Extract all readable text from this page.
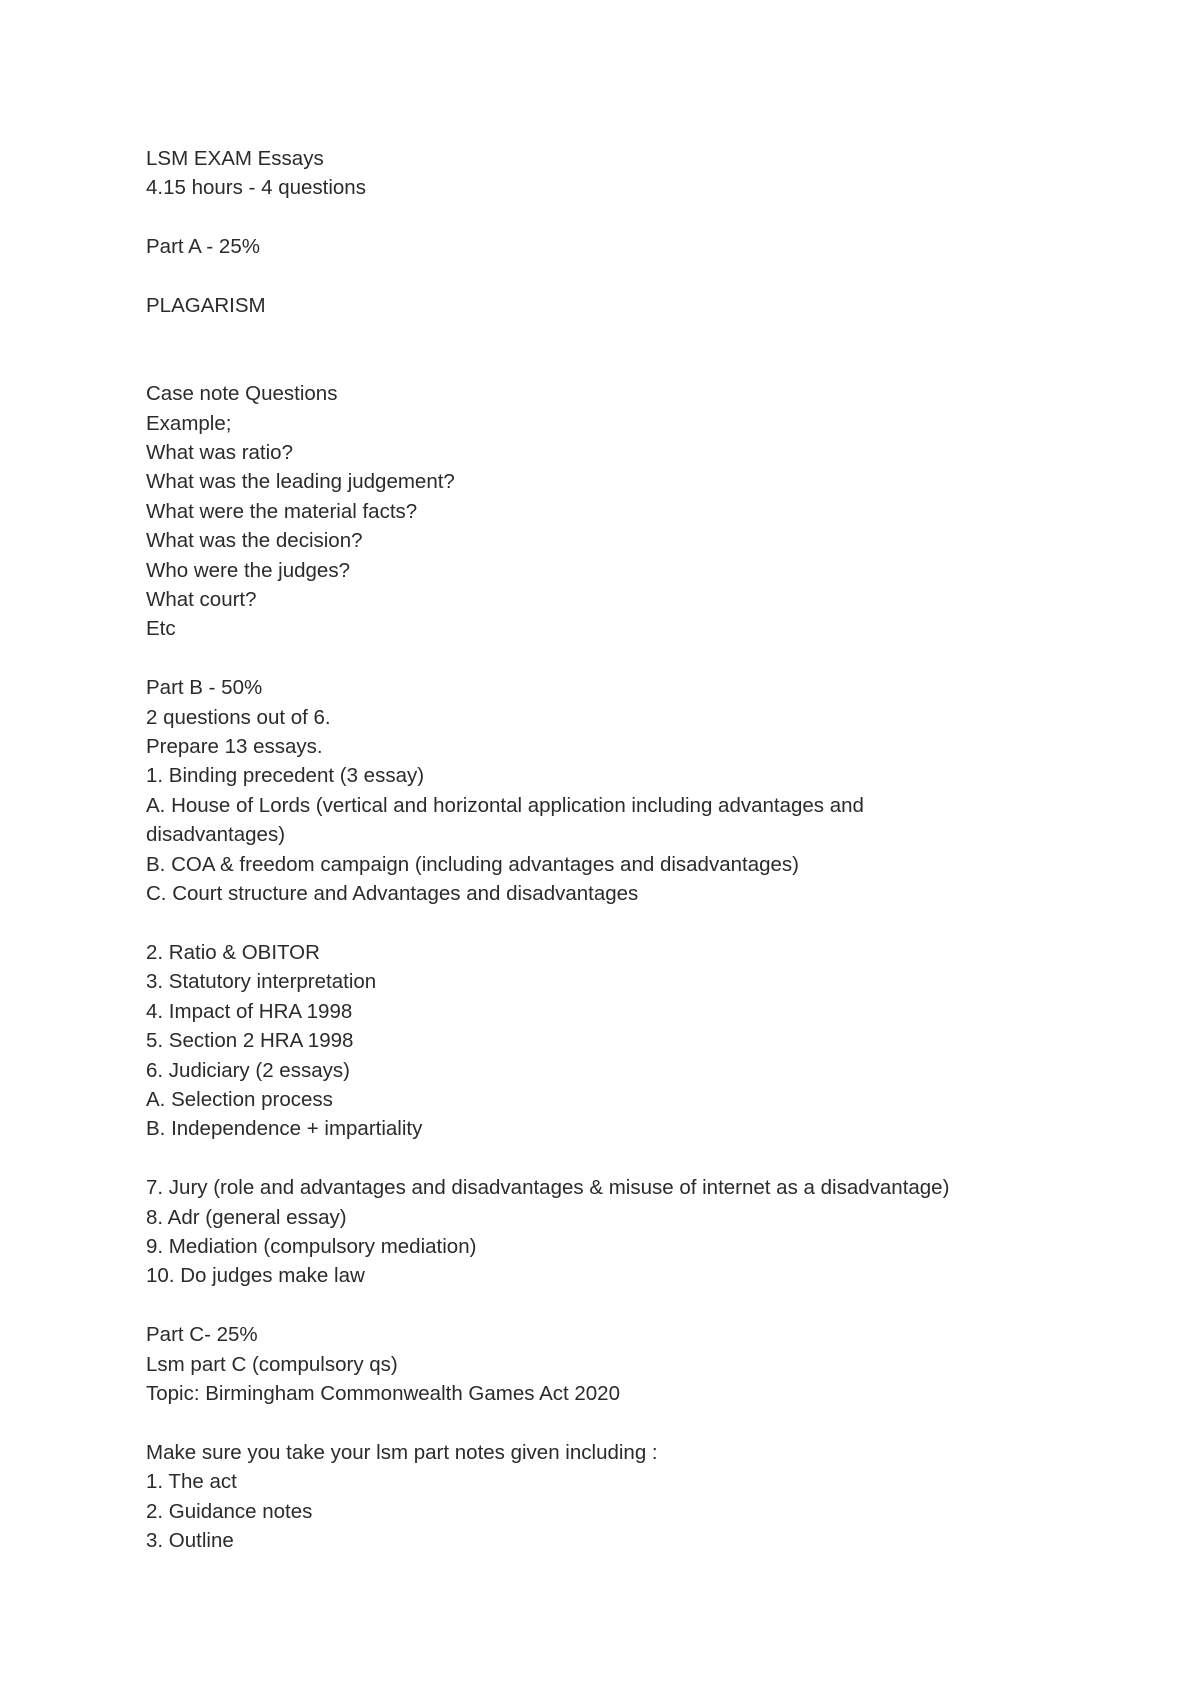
LSM EXAM Essays
4.15 hours - 4 questions
Part A - 25%
PLAGARISM
Case note Questions
Example;
What was ratio?
What was the leading judgement?
What were the material facts?
What was the decision?
Who were the judges?
What court?
Etc
Part B - 50%
2 questions out of 6.
Prepare 13 essays.
1. Binding precedent (3 essay)
A. House of Lords (vertical and horizontal application including advantages and disadvantages)
B. COA & freedom campaign (including advantages and disadvantages)
C. Court structure and Advantages and disadvantages
2. Ratio & OBITOR
3. Statutory interpretation
4. Impact of HRA 1998
5. Section 2 HRA 1998
6. Judiciary (2 essays)
A. Selection process
B. Independence + impartiality
7. Jury (role and advantages and disadvantages & misuse of internet as a disadvantage)
8. Adr (general essay)
9. Mediation (compulsory mediation)
10. Do judges make law
Part C- 25%
Lsm part C (compulsory qs)
Topic: Birmingham Commonwealth Games Act 2020
Make sure you take your lsm part notes given including :
1. The act
2. Guidance notes
3. Outline
